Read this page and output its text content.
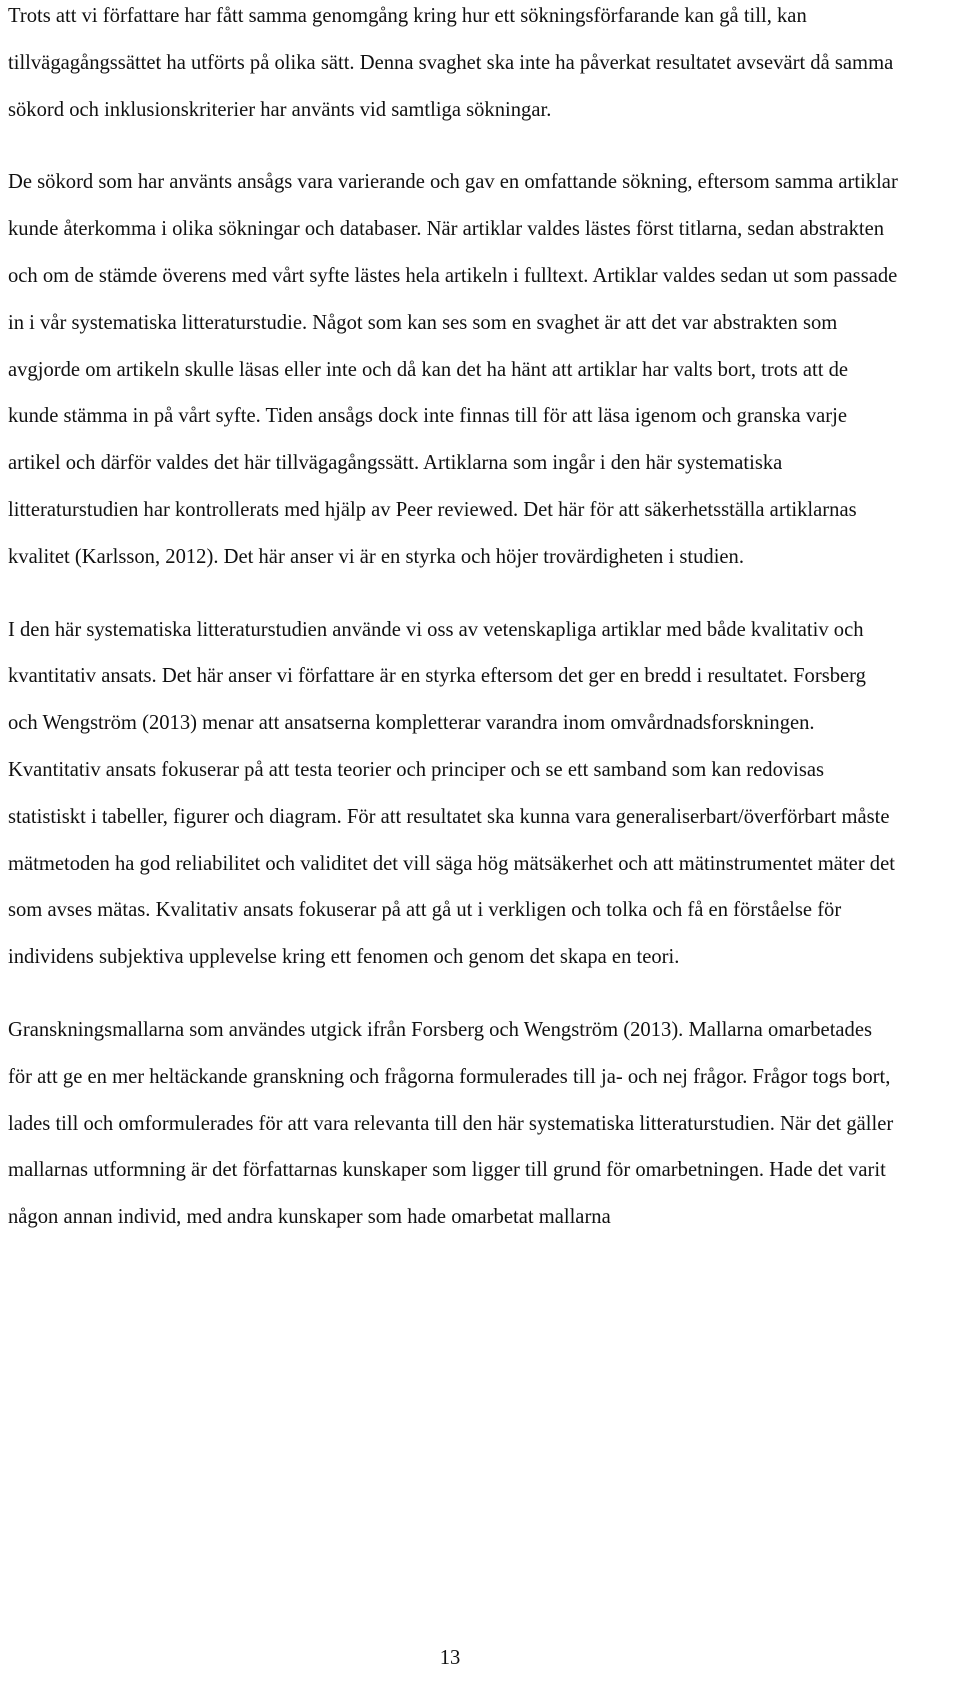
Trots att vi författare har fått samma genomgång kring hur ett sökningsförfarande kan gå till, kan tillvägagångssättet ha utförts på olika sätt. Denna svaghet ska inte ha påverkat resultatet avsevärt då samma sökord och inklusionskriterier har använts vid samtliga sökningar.

De sökord som har använts ansågs vara varierande och gav en omfattande sökning, eftersom samma artiklar kunde återkomma i olika sökningar och databaser. När artiklar valdes lästes först titlarna, sedan abstrakten och om de stämde överens med vårt syfte lästes hela artikeln i fulltext. Artiklar valdes sedan ut som passade in i vår systematiska litteraturstudie. Något som kan ses som en svaghet är att det var abstrakten som avgjorde om artikeln skulle läsas eller inte och då kan det ha hänt att artiklar har valts bort, trots att de kunde stämma in på vårt syfte. Tiden ansågs dock inte finnas till för att läsa igenom och granska varje artikel och därför valdes det här tillvägagångssätt. Artiklarna som ingår i den här systematiska litteraturstudien har kontrollerats med hjälp av Peer reviewed. Det här för att säkerhetsställa artiklarnas kvalitet (Karlsson, 2012). Det här anser vi är en styrka och höjer trovärdigheten i studien.

I den här systematiska litteraturstudien använde vi oss av vetenskapliga artiklar med både kvalitativ och kvantitativ ansats. Det här anser vi författare är en styrka eftersom det ger en bredd i resultatet. Forsberg och Wengström (2013) menar att ansatserna kompletterar varandra inom omvårdnadsforskningen. Kvantitativ ansats fokuserar på att testa teorier och principer och se ett samband som kan redovisas statistiskt i tabeller, figurer och diagram. För att resultatet ska kunna vara generaliserbart/överförbart måste mätmetoden ha god reliabilitet och validitet det vill säga hög mätsäkerhet och att mätinstrumentet mäter det som avses mätas. Kvalitativ ansats fokuserar på att gå ut i verkligen och tolka och få en förståelse för individens subjektiva upplevelse kring ett fenomen och genom det skapa en teori.

Granskningsmallarna som användes utgick ifrån Forsberg och Wengström (2013). Mallarna omarbetades för att ge en mer heltäckande granskning och frågorna formulerades till ja- och nej frågor. Frågor togs bort, lades till och omformulerades för att vara relevanta till den här systematiska litteraturstudien. När det gäller mallarnas utformning är det författarnas kunskaper som ligger till grund för omarbetningen. Hade det varit någon annan individ, med andra kunskaper som hade omarbetat mallarna

13
